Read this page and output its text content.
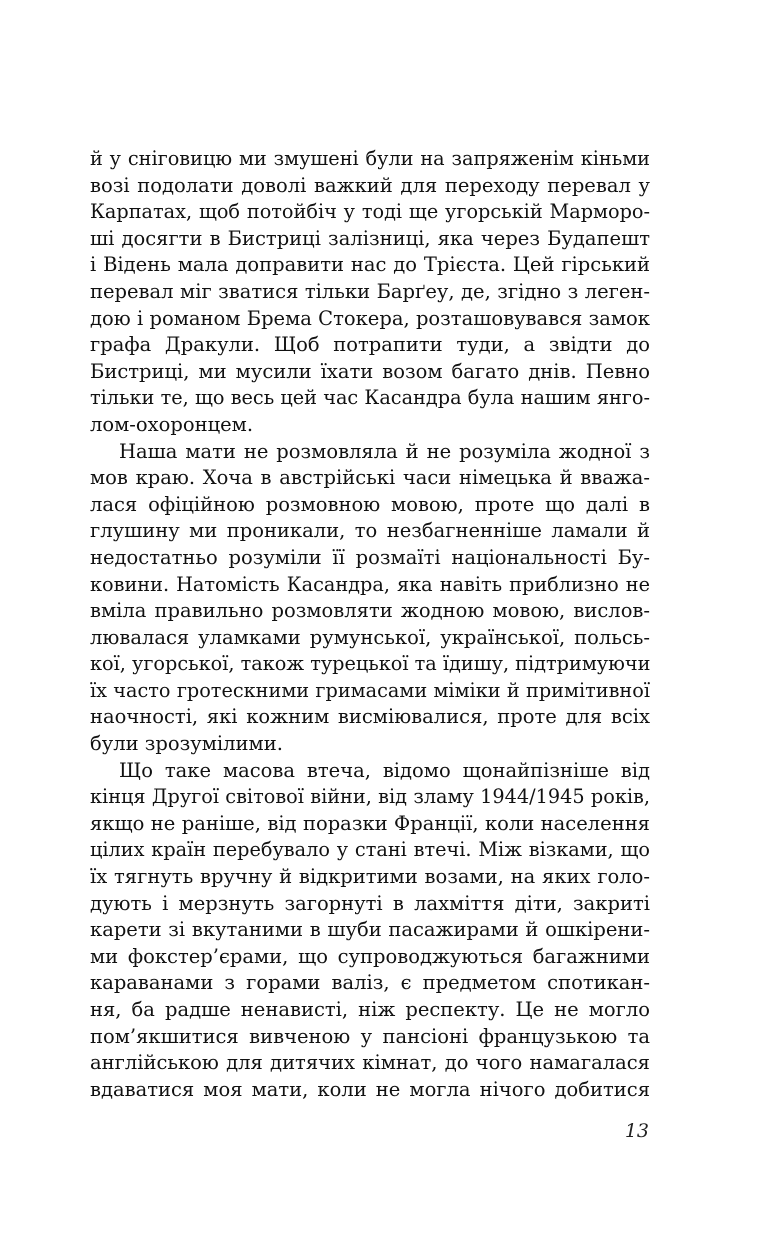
й у сніговицю ми змушені були на запряженім кіньми
возі подолати доволі важкий для переходу перевал у
Карпатах, щоб потойбіч у тоді ще угорській Марморо-
ші досягти в Бистриці залізниці, яка через Будапешт
і Відень мала доправити нас до Трієста. Цей гірський
перевал міг зватися тільки Барґеу, де, згідно з леген-
дою і романом Брема Стокера, розташовувався замок
графа Дракули. Щоб потрапити туди, а звідти до
Бистриці, ми мусили їхати возом багато днів. Певно
тільки те, що весь цей час Касандра була нашим янго-
лом-охоронцем.
Наша мати не розмовляла й не розуміла жодної з
мов краю. Хоча в австрійські часи німецька й вважа-
лася офіційною розмовною мовою, проте що далі в
глушину ми проникали, то незбагненніше ламали й
недостатньо розуміли її розмаїті національності Бу-
ковини. Натомість Касандра, яка навіть приблизно не
вміла правильно розмовляти жодною мовою, вислов-
лювалася уламками румунської, української, польсь-
кої, угорської, також турецької та їдишу, підтримуючи
їх часто гротескними гримасами міміки й примітивної
наочності, які кожним висміювалися, проте для всіх
були зрозумілими.
Що таке масова втеча, відомо щонайпізніше від
кінця Другої світової війни, від зламу 1944/1945 років,
якщо не раніше, від поразки Франції, коли населення
цілих країн перебувало у стані втечі. Між візками, що
їх тягнуть вручну й відкритими возами, на яких голо-
дують і мерзнуть загорнуті в лахміття діти, закриті
карети зі вкутаними в шуби пасажирами й ошкірени-
ми фокстер’єрами, що супроводжуються багажними
караванами з горами валіз, є предметом спотикан-
ня, ба радше ненависті, ніж респекту. Це не могло
пом’якшитися вивченою у пансіоні французькою та
англійською для дитячих кімнат, до чого намагалася
вдаватися моя мати, коли не могла нічого добитися
13
